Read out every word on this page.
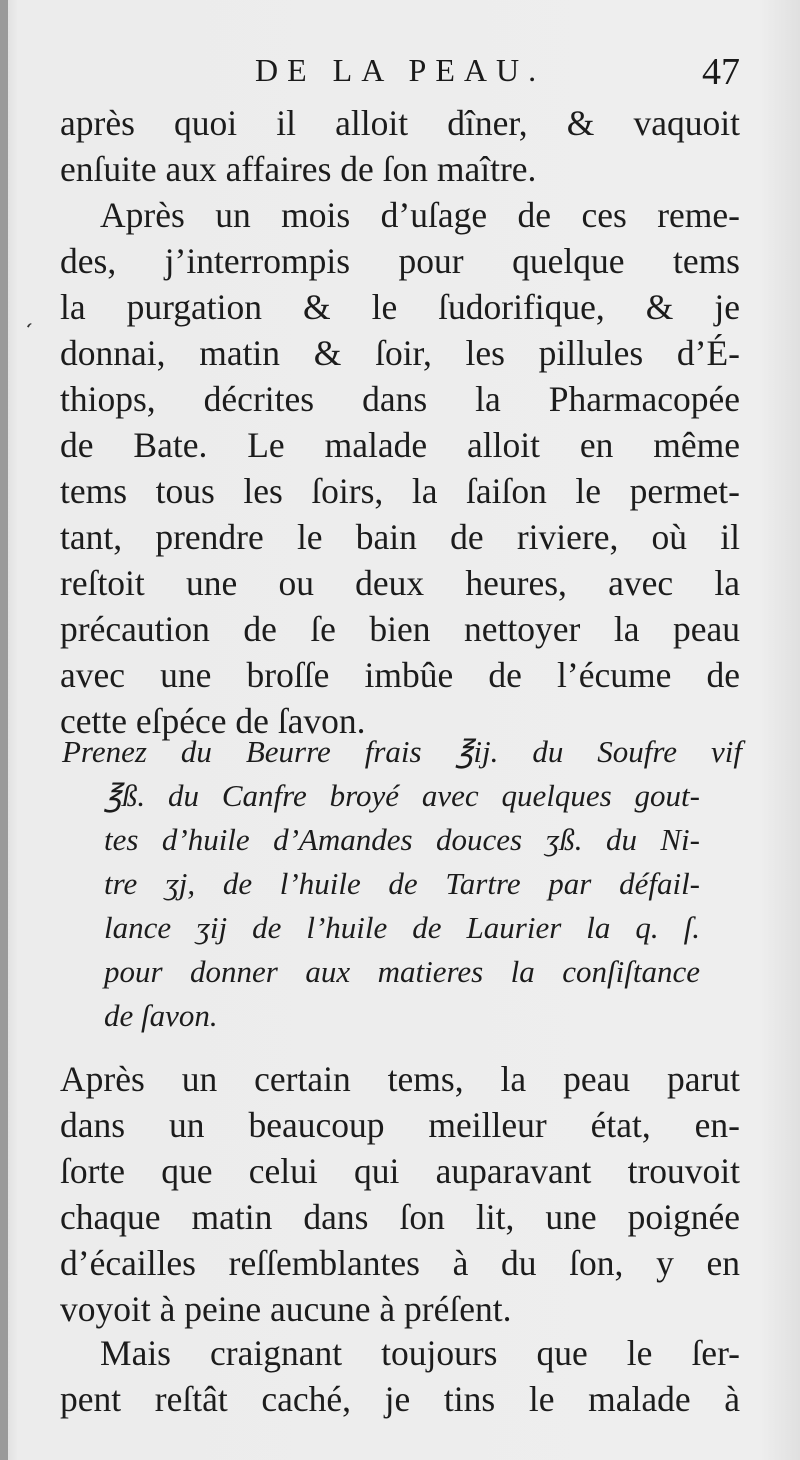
DE LA PEAU.	47
‘
après quoi il alloit dîner, & vaquoit
enſuite aux affaires de ſon maître.
Après un mois d’uſage de ces reme-
des, j’interrompis pour quelque tems
la purgation & le ſudorifique, & je
donnai, matin & ſoir, les pillules d’É-
thiops, décrites dans la Pharmacopée
de Bate. Le malade alloit en même
tems tous les ſoirs, la ſaiſon le permet-
tant, prendre le bain de riviere, où il
reſtoit une ou deux heures, avec la
précaution de ſe bien nettoyer la peau
avec une broſſe imbûe de l’écume de
cette eſpéce de ſavon.
Prenez du Beurre frais ℥ij. du Soufre vif
℥ß. du Canfre broyé avec quelques gout-
tes d’huile d’Amandes douces ʒß. du Ni-
tre ʒj, de l’huile de Tartre par défail-
lance ʒij de l’huile de Laurier la q. ſ.
pour donner aux matieres la conſiſtance
de ſavon.
Après un certain tems, la peau parut
dans un beaucoup meilleur état, en-
ſorte que celui qui auparavant trouvoit
chaque matin dans ſon lit, une poignée
d’écailles reſſemblantes à du ſon, y en
voyoit à peine aucune à préſent.
Mais craignant toujours que le ſer-
pent reſtât caché, je tins le malade à
